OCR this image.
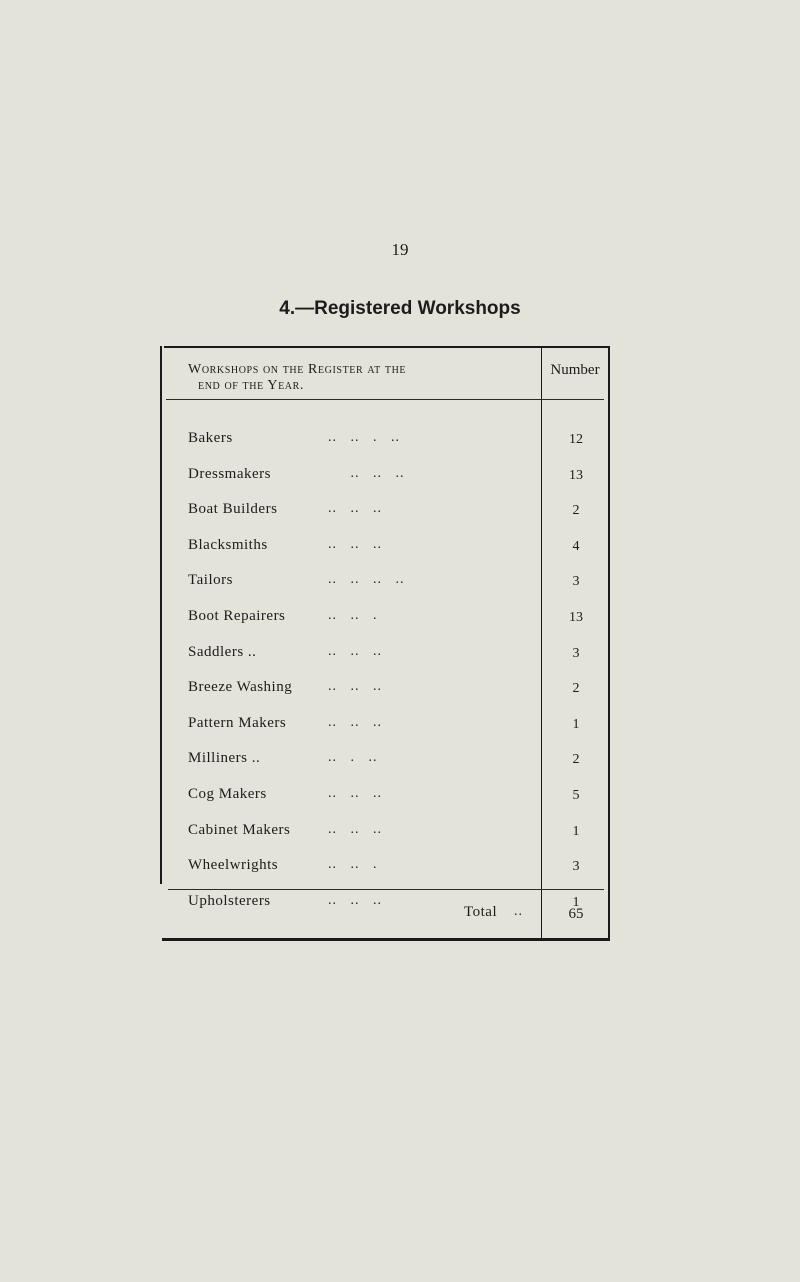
19
4.—Registered Workshops
Workshops on the Register at the
end of the Year.
Number
Bakers	..   ..   .   ..	12
Dressmakers	..   ..   ..	13
Boat Builders	..   ..   ..	2
Blacksmiths	..   ..   ..	4
Tailors	..   ..   ..   ..	3
Boot Repairers	..   ..   .	13
Saddlers ..	..   ..   ..	3
Breeze Washing	..   ..   ..	2
Pattern Makers	..   ..   ..	1
Milliners ..	..   .   ..	2
Cog Makers	..   ..   ..	5
Cabinet Makers	..   ..   ..	1
Wheelwrights	..   ..   .	3
Upholsterers	..   ..   ..	1
Total ..	65
